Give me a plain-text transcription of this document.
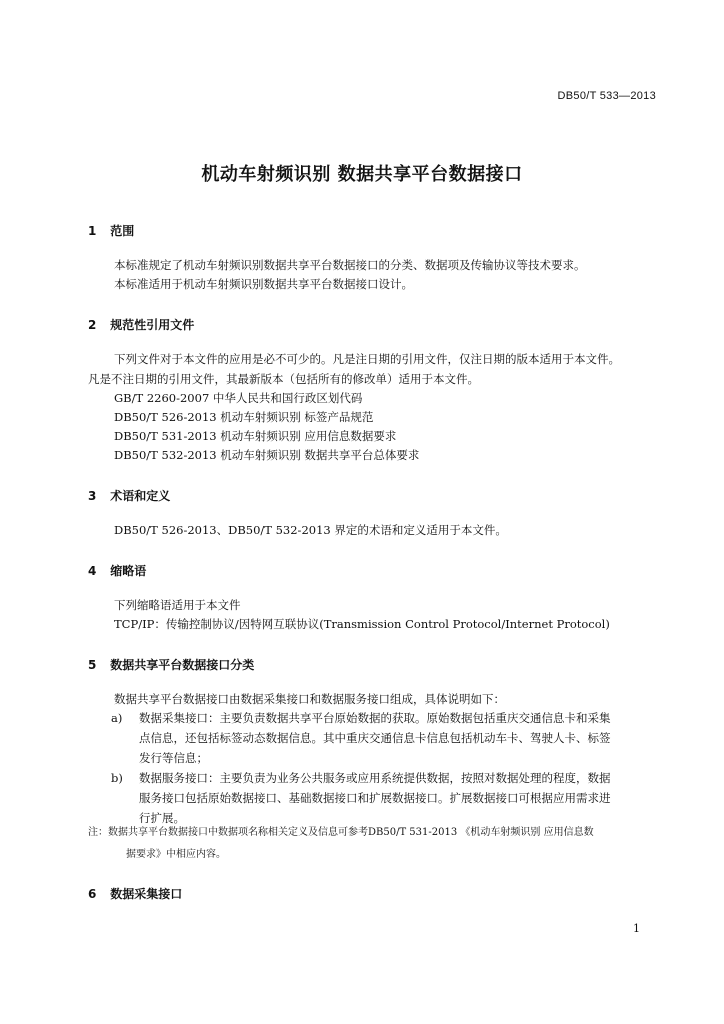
DB50/T 533—2013
机动车射频识别 数据共享平台数据接口
1 范围
本标准规定了机动车射频识别数据共享平台数据接口的分类、数据项及传输协议等技术要求。
本标准适用于机动车射频识别数据共享平台数据接口设计。
2 规范性引用文件
下列文件对于本文件的应用是必不可少的。凡是注日期的引用文件，仅注日期的版本适用于本文件。
凡是不注日期的引用文件，其最新版本（包括所有的修改单）适用于本文件。
GB/T 2260-2007 中华人民共和国行政区划代码
DB50/T 526-2013 机动车射频识别 标签产品规范
DB50/T 531-2013 机动车射频识别 应用信息数据要求
DB50/T 532-2013 机动车射频识别 数据共享平台总体要求
3 术语和定义
DB50/T 526-2013、DB50/T 532-2013 界定的术语和定义适用于本文件。
4 缩略语
下列缩略语适用于本文件
TCP/IP：传输控制协议/因特网互联协议(Transmission Control Protocol/Internet Protocol)
5 数据共享平台数据接口分类
数据共享平台数据接口由数据采集接口和数据服务接口组成，具体说明如下：
a) 数据采集接口：主要负责数据共享平台原始数据的获取。原始数据包括重庆交通信息卡和采集
点信息，还包括标签动态数据信息。其中重庆交通信息卡信息包括机动车卡、驾驶人卡、标签
发行等信息；
b) 数据服务接口：主要负责为业务公共服务或应用系统提供数据，按照对数据处理的程度，数据
服务接口包括原始数据接口、基础数据接口和扩展数据接口。扩展数据接口可根据应用需求进
行扩展。
注：数据共享平台数据接口中数据项名称相关定义及信息可参考DB50/T 531-2013 《机动车射频识别 应用信息数
据要求》中相应内容。
6 数据采集接口
1
